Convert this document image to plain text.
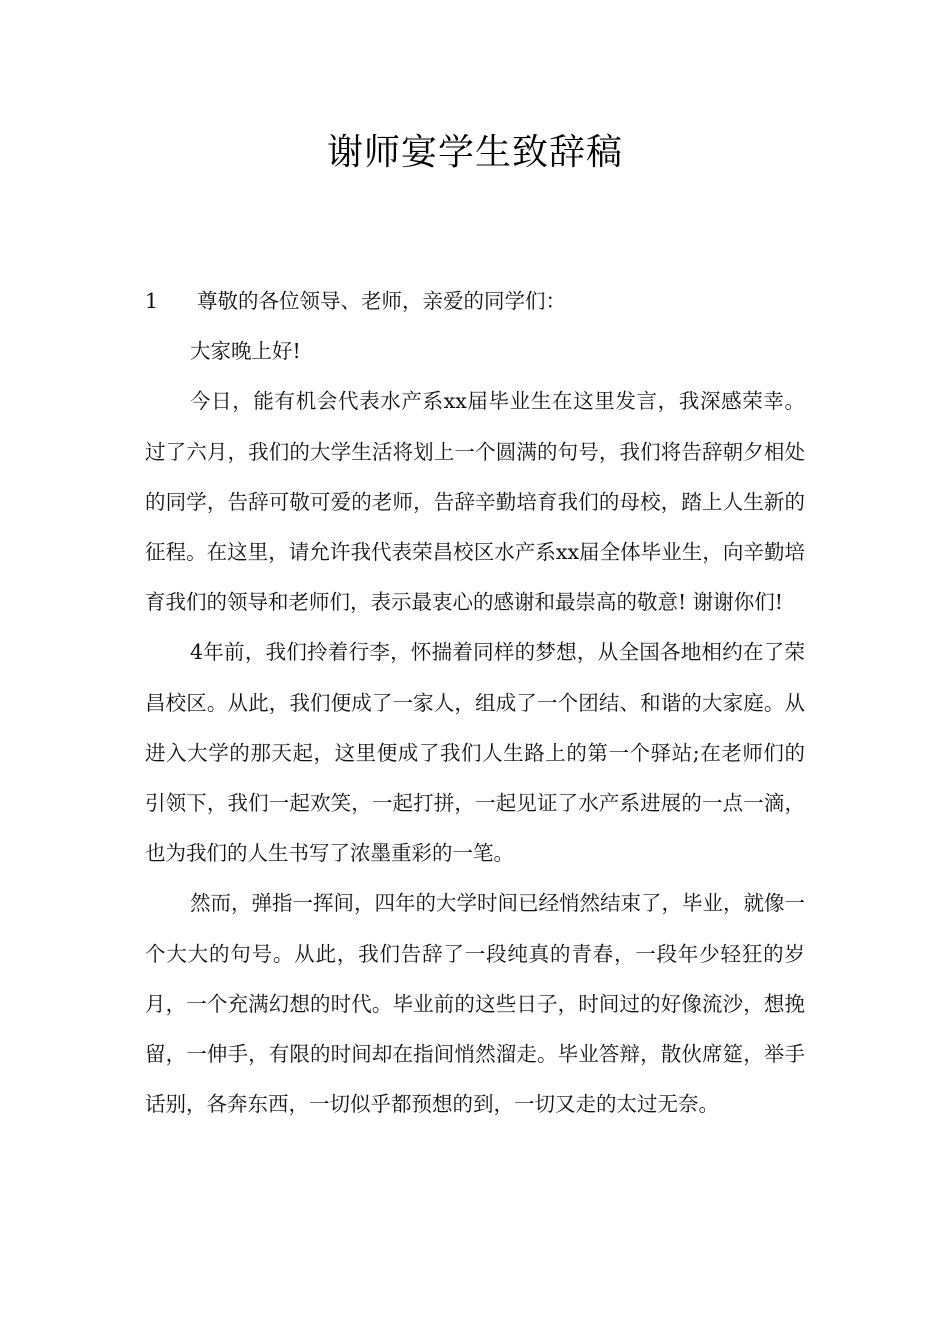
谢师宴学生致辞稿
1 尊敬的各位领导、老师，亲爱的同学们：

大家晚上好!

今日，能有机会代表水产系xx届毕业生在这里发言，我深感荣幸。过了六月，我们的大学生活将划上一个圆满的句号，我们将告辞朝夕相处的同学，告辞可敬可爱的老师，告辞辛勤培育我们的母校，踏上人生新的征程。在这里，请允许我代表荣昌校区水产系xx届全体毕业生，向辛勤培育我们的领导和老师们，表示最衷心的感谢和最崇高的敬意! 谢谢你们!

4年前，我们拎着行李，怀揣着同样的梦想，从全国各地相约在了荣昌校区。从此，我们便成了一家人，组成了一个团结、和谐的大家庭。从进入大学的那天起，这里便成了我们人生路上的第一个驿站;在老师们的引领下，我们一起欢笑，一起打拼，一起见证了水产系进展的一点一滴，也为我们的人生书写了浓墨重彩的一笔。

然而，弹指一挥间，四年的大学时间已经悄然结束了，毕业，就像一个大大的句号。从此，我们告辞了一段纯真的青春，一段年少轻狂的岁月，一个充满幻想的时代。毕业前的这些日子，时间过的好像流沙，想挽留，一伸手，有限的时间却在指间悄然溜走。毕业答辩，散伙席筵，举手话别，各奔东西，一切似乎都预想的到，一切又走的太过无奈。
